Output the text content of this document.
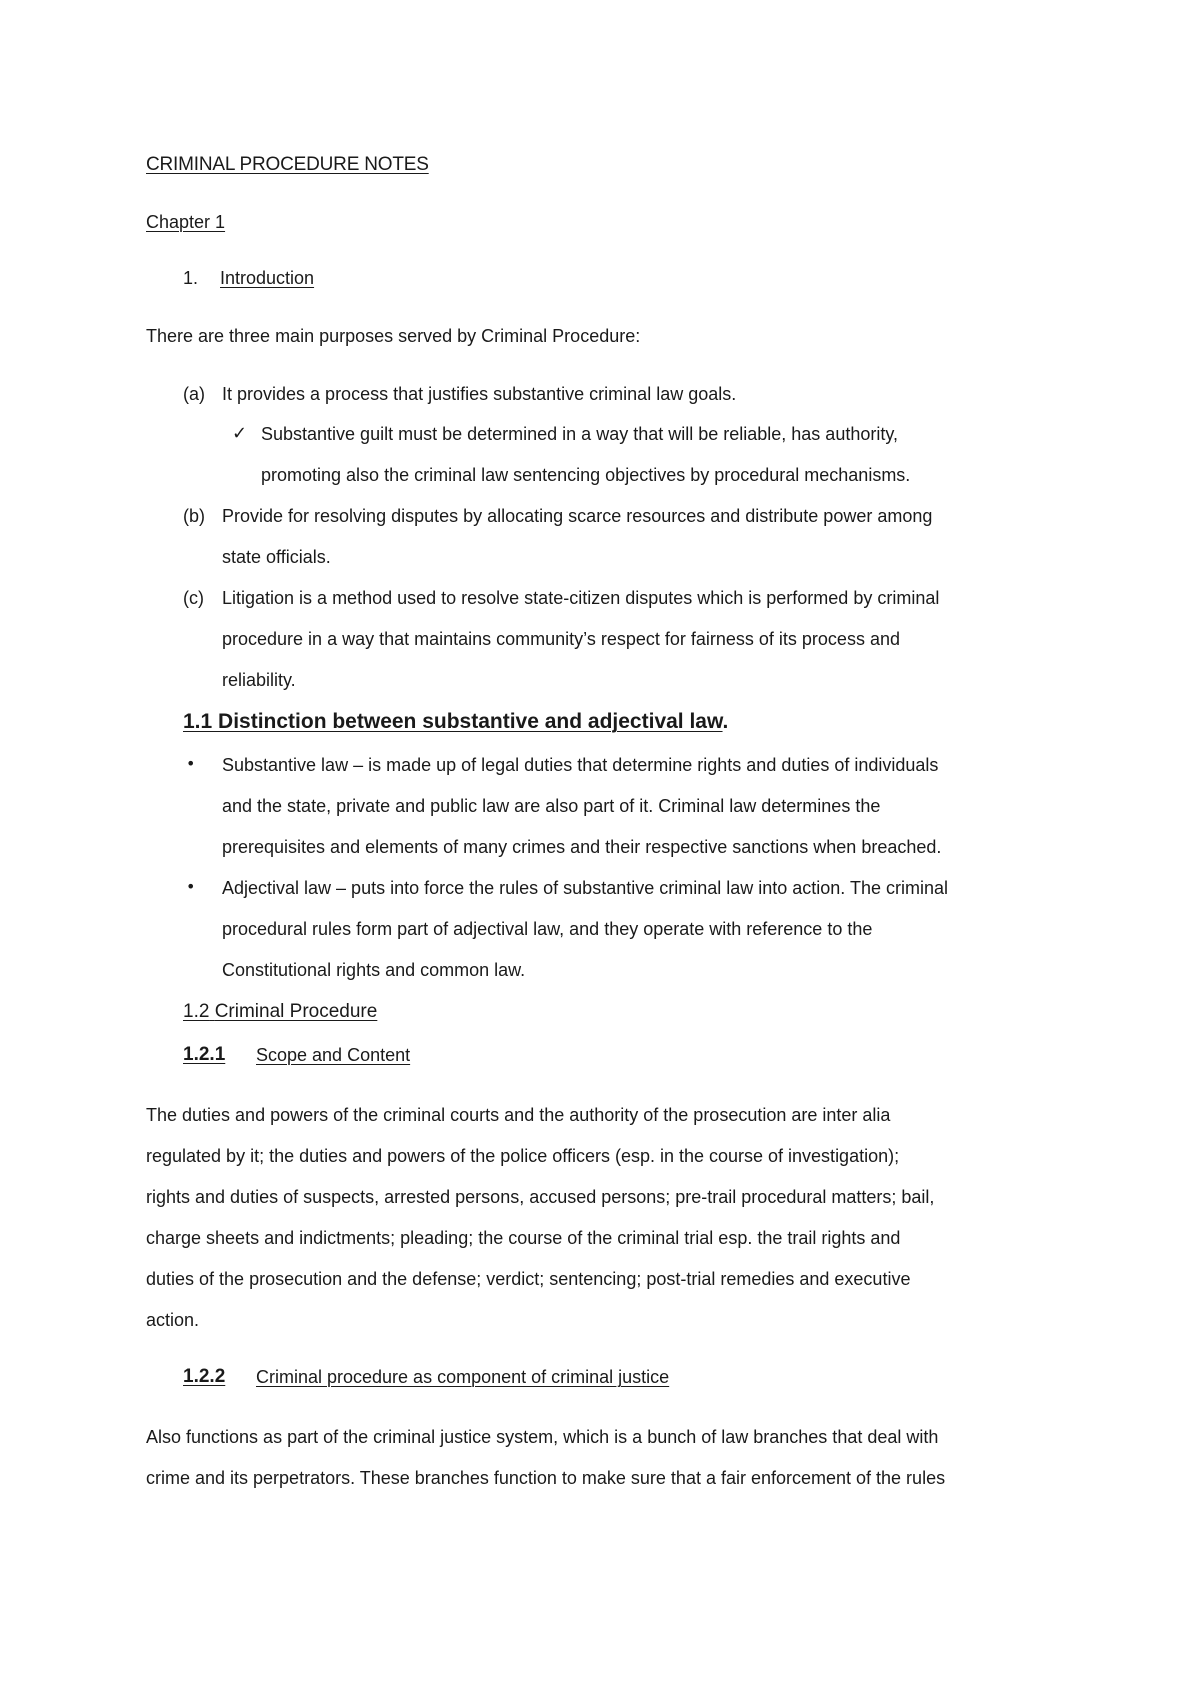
CRIMINAL PROCEDURE NOTES
Chapter 1
1. Introduction
There are three main purposes served by Criminal Procedure:
(a) It provides a process that justifies substantive criminal law goals.
✓ Substantive guilt must be determined in a way that will be reliable, has authority,
promoting also the criminal law sentencing objectives by procedural mechanisms.
(b) Provide for resolving disputes by allocating scarce resources and distribute power among
state officials.
(c) Litigation is a method used to resolve state-citizen disputes which is performed by criminal
procedure in a way that maintains community’s respect for fairness of its process and
reliability.
1.1 Distinction between substantive and adjectival law.
• Substantive law – is made up of legal duties that determine rights and duties of individuals
and the state, private and public law are also part of it. Criminal law determines the
prerequisites and elements of many crimes and their respective sanctions when breached.
• Adjectival law – puts into force the rules of substantive criminal law into action. The criminal
procedural rules form part of adjectival law, and they operate with reference to the
Constitutional rights and common law.
1.2 Criminal Procedure
1.2.1 Scope and Content
The duties and powers of the criminal courts and the authority of the prosecution are inter alia
regulated by it; the duties and powers of the police officers (esp. in the course of investigation);
rights and duties of suspects, arrested persons, accused persons; pre-trail procedural matters; bail,
charge sheets and indictments; pleading; the course of the criminal trial esp. the trail rights and
duties of the prosecution and the defense; verdict; sentencing; post-trial remedies and executive
action.
1.2.2 Criminal procedure as component of criminal justice
Also functions as part of the criminal justice system, which is a bunch of law branches that deal with
crime and its perpetrators. These branches function to make sure that a fair enforcement of the rules
